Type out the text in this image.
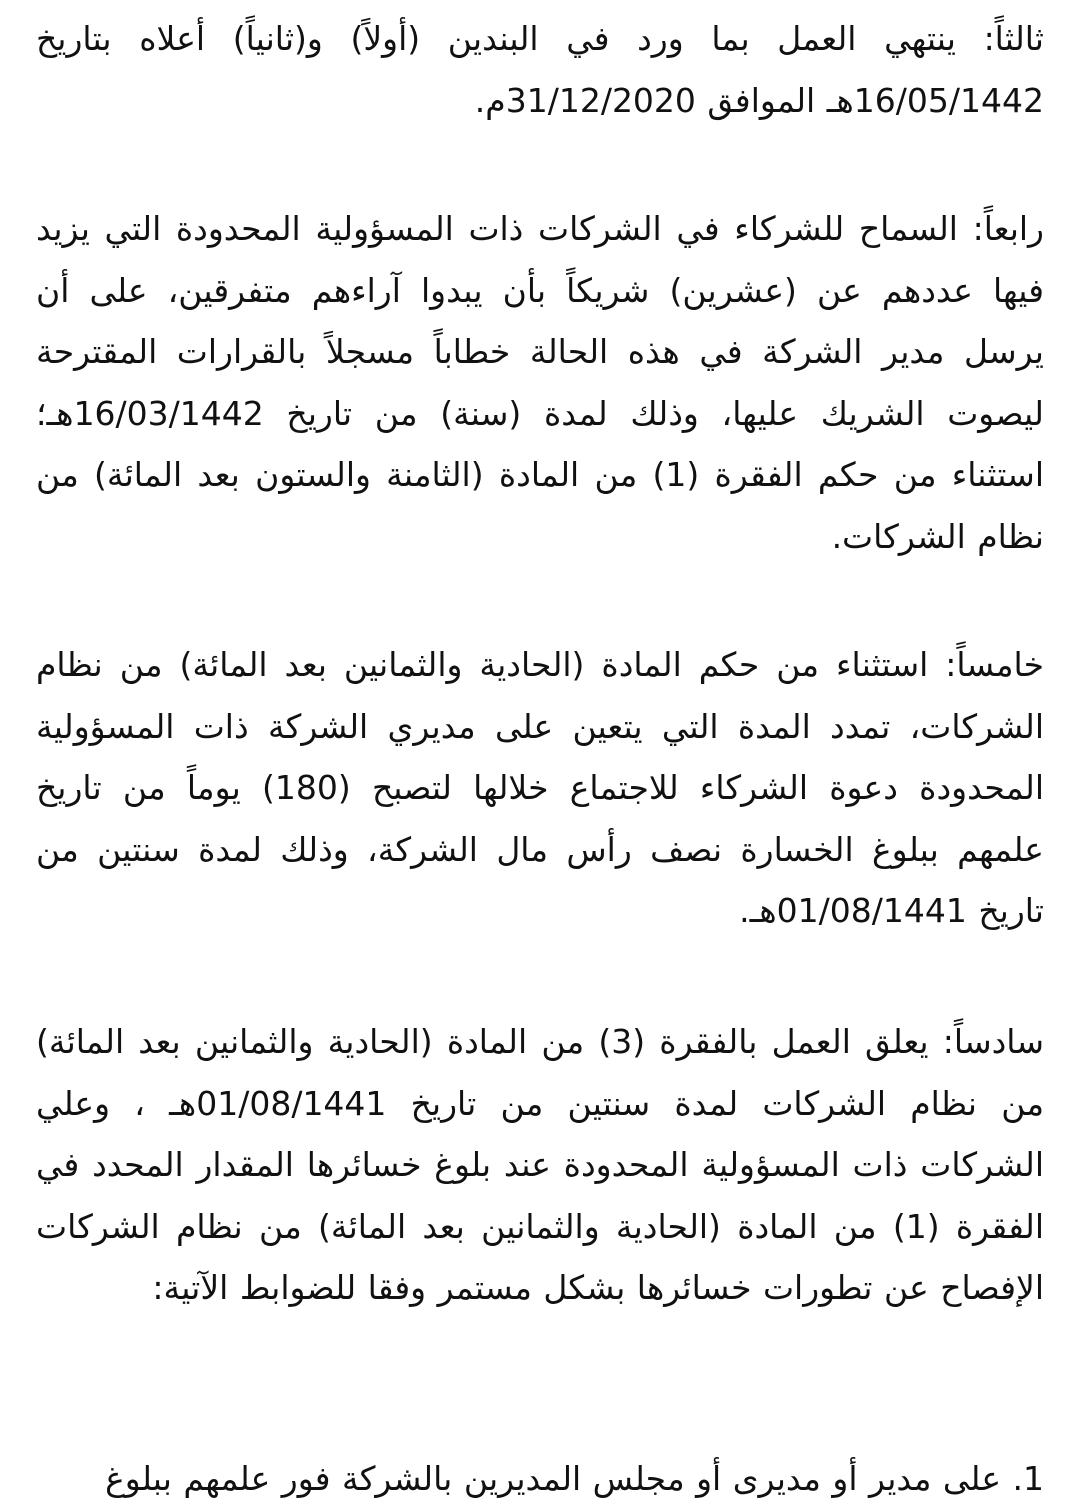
ثالثاً: ينتهي العمل بما ورد في البندين (أولاً) و(ثانياً) أعلاه بتاريخ 16/05/1442هـ الموافق 31/12/2020م.

رابعاً: السماح للشركاء في الشركات ذات المسؤولية المحدودة التي يزيد فيها عددهم عن (عشرين) شريكاً بأن يبدوا آراءهم متفرقين، على أن يرسل مدير الشركة في هذه الحالة خطاباً مسجلاً بالقرارات المقترحة ليصوت الشريك عليها، وذلك لمدة (سنة) من تاريخ 16/03/1442هـ؛ استثناء من حكم الفقرة (1) من المادة (الثامنة والستون بعد المائة) من نظام الشركات.

خامساً: استثناء من حكم المادة (الحادية والثمانين بعد المائة) من نظام الشركات، تمدد المدة التي يتعين على مديري الشركة ذات المسؤولية المحدودة دعوة الشركاء للاجتماع خلالها لتصبح (180) يوماً من تاريخ علمهم ببلوغ الخسارة نصف رأس مال الشركة، وذلك لمدة سنتين من تاريخ 01/08/1441هـ.

سادساً: يعلق العمل بالفقرة (3) من المادة (الحادية والثمانين بعد المائة) من نظام الشركات لمدة سنتين من تاريخ 01/08/1441هـ ، وعلي الشركات ذات المسؤولية المحدودة عند بلوغ خسائرها المقدار المحدد في الفقرة (1) من المادة (الحادية والثمانين بعد المائة) من نظام الشركات الإفصاح عن تطورات خسائرها بشكل مستمر وفقا للضوابط الآتية:

1. على مدير أو مديرى أو مجلس المديرين بالشركة فور علمهم ببلوغ
